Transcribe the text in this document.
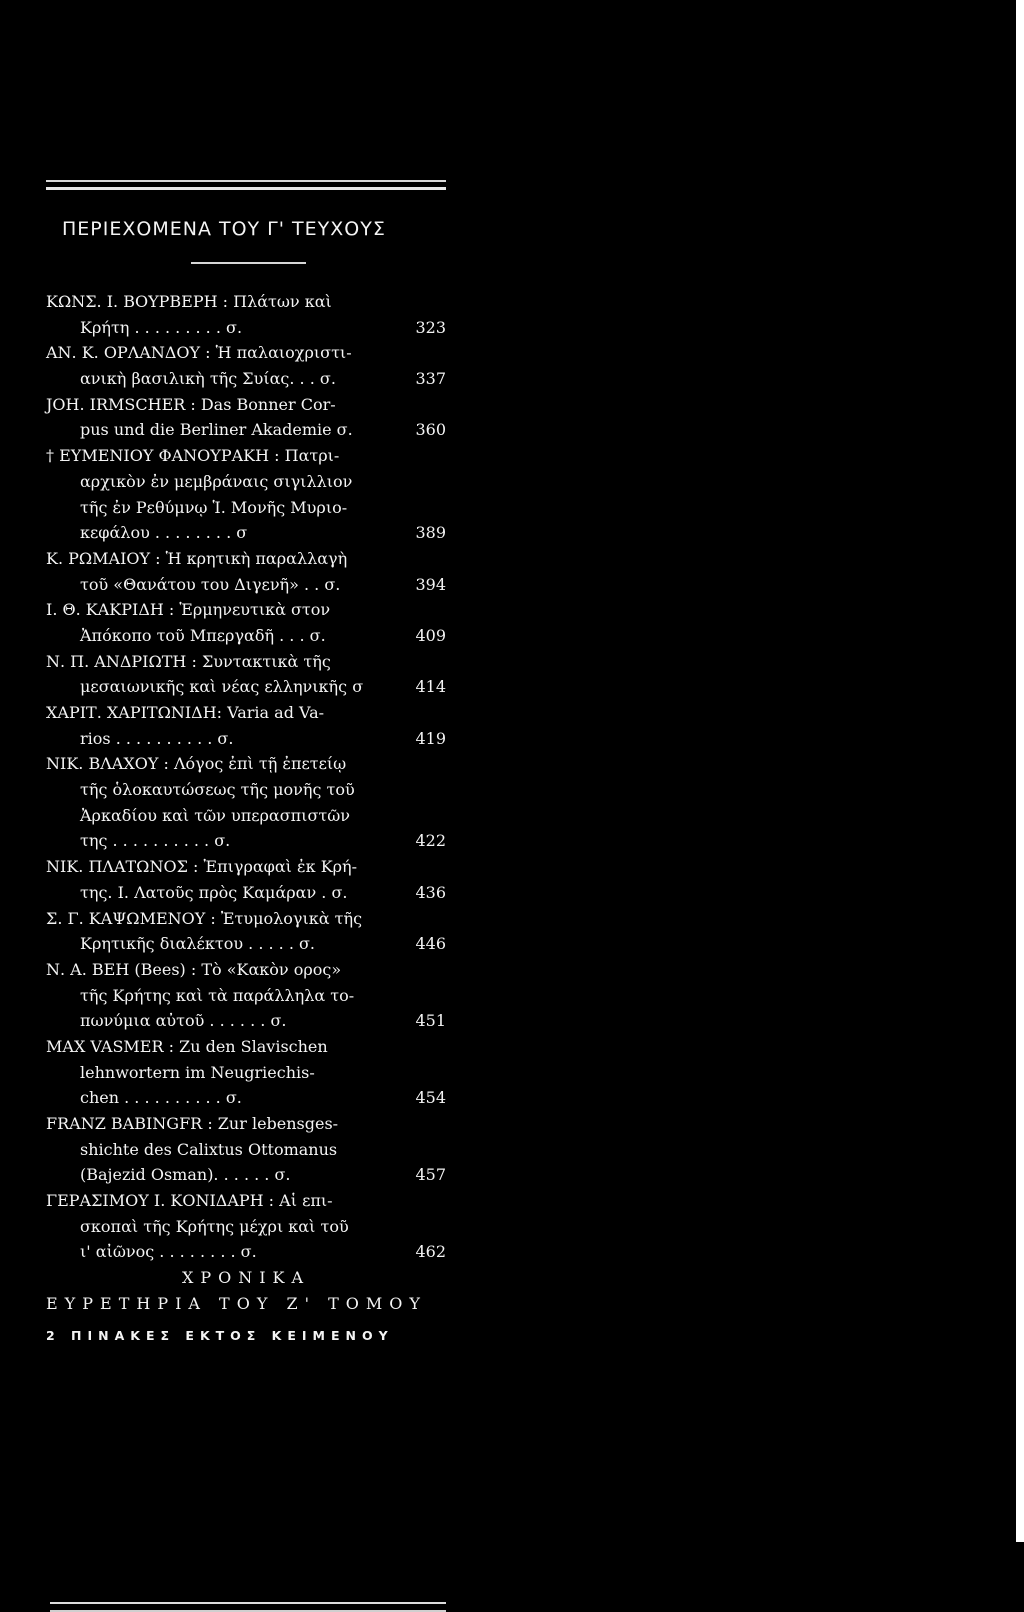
ΠΕΡΙΕΧΟΜΕΝΑ ΤΟΥ Γ' ΤΕΥΧΟΥΣ
ΚΩΝΣ. Ι. ΒΟΥΡΒΕΡΗ : Πλάτων καὶ
Κρήτη . . . . . . . . . σ.	323
ΑΝ. Κ. ΟΡΛΑΝΔΟΥ : Ἡ παλαιοχριστι-
ανικὴ βασιλικὴ τῆς Συίας. . . σ.	337
JOH. IRMSCHER : Das Bonner Cor-
pus und die Berliner Akademie σ.	360
† ΕΥΜΕΝΙΟΥ ΦΑΝΟΥΡΑΚΗ : Πατρι-
αρχικὸν ἐν μεμβράναις σιγιλλιον
τῆς ἐν Ρεθύμνῳ Ἱ. Μονῆς Μυριο-
κεφάλου . . . . . . . . σ	389
Κ. ΡΩΜΑΙΟΥ : Ἡ κρητικὴ παραλλαγὴ
τοῦ «Θανάτου του Διγενῆ» . . σ.	394
Ι. Θ. ΚΑΚΡΙΔΗ : Ἑρμηνευτικὰ στον
Ἀπόκοπο τοῦ Μπεργαδῆ . . . σ.	409
Ν. Π. ΑΝΔΡΙΩΤΗ : Συντακτικὰ τῆς
μεσαιωνικῆς καὶ νέας ελληνικῆς σ	414
ΧΑΡΙΤ. ΧΑΡΙΤΩΝΙΔΗ: Varia ad Va-
rios . . . . . . . . . . σ.	419
ΝΙΚ. ΒΛΑΧΟΥ : Λόγος ἐπὶ τῇ ἐπετείῳ
τῆς ὁλοκαυτώσεως τῆς μονῆς τοῦ
Ἀρκαδίου καὶ τῶν υπερασπιστῶν
της . . . . . . . . . . σ.	422
ΝΙΚ. ΠΛΑΤΩΝΟΣ : Ἐπιγραφαὶ ἐκ Κρή-
της. Ι. Λατοῦς πρὸς Καμάραν . σ.	436
Σ. Γ. ΚΑΨΩΜΕΝΟΥ : Ἐτυμολογικὰ τῆς
Κρητικῆς διαλέκτου . . . . . σ.	446
Ν. Α. ΒΕΗ (Bees) : Τὸ «Κακὸν ορος»
τῆς Κρήτης καὶ τὰ παράλληλα το-
πωνύμια αὐτοῦ . . . . . . σ.	451
MAX VASMER : Zu den Slavischen
lehnwortern im Neugriechis-
chen . . . . . . . . . . σ.	454
FRANZ BABINGFR : Zur lebensges-
shichte des Calixtus Ottomanus
(Bajezid Osman). . . . . . σ.	457
ΓΕΡΑΣΙΜΟΥ Ι. ΚΟΝΙΔΑΡΗ : Αἱ επι-
σκοπαὶ τῆς Κρήτης μέχρι καὶ τοῦ
ι' αἰῶνος . . . . . . . . σ.	462
ΧΡΟΝΙΚΑ
ΕΥΡΕΤΗΡΙΑ ΤΟΥ Ζ' ΤΟΜΟΥ
2 ΠΙΝΑΚΕΣ ΕΚΤΟΣ ΚΕΙΜΕΝΟΥ
